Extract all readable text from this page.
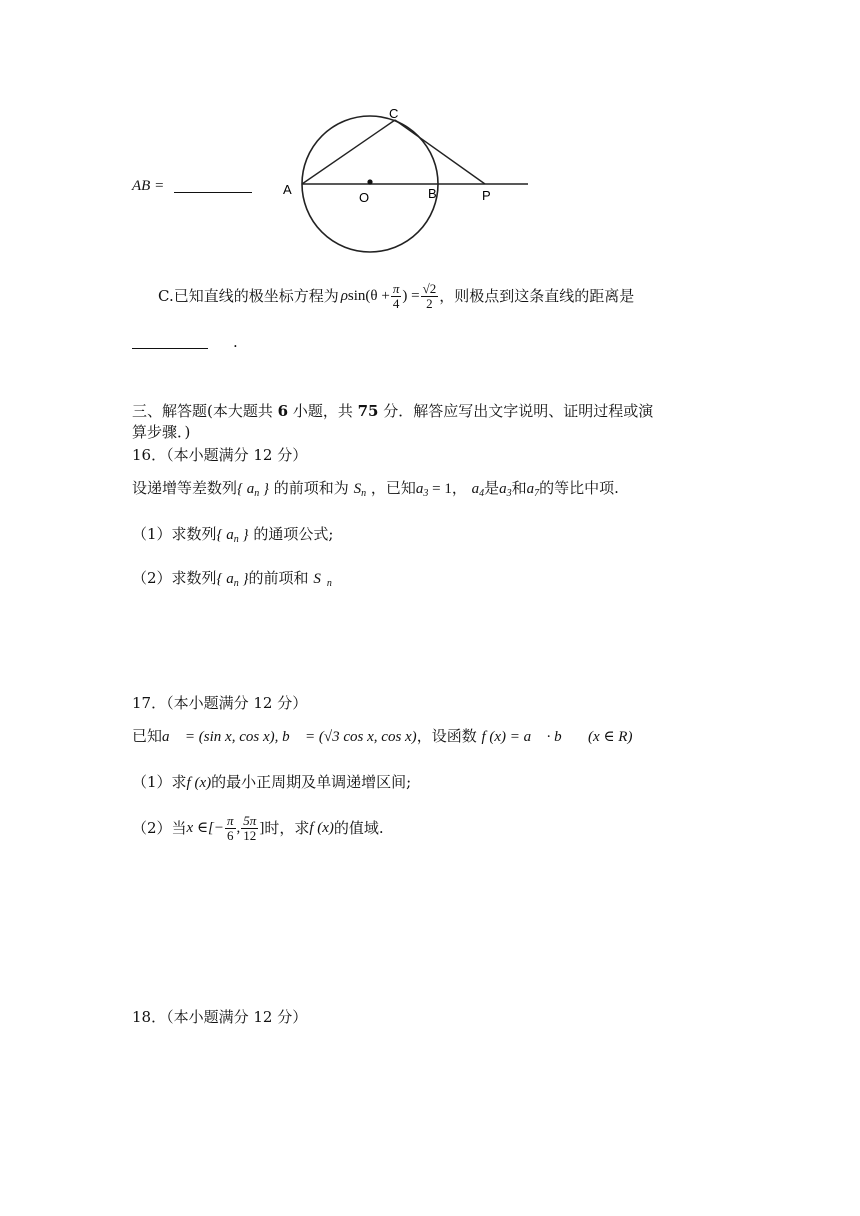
AB =	A
O	B	P
C
C.已知直线的极坐标方程为 ρ $\sin(\theta + \frac{\pi}{4}$ ) = $\frac{√2}{2}$ ，则极点到这条直线的距离是
.
三、解答题(本大题共 6 小题，共 75 分．解答应写出文字说明、证明过程或演
算步骤．)
16．（本小题满分 12 分）
设递增等差数列{ $a_n$ } 的前项和为 $S_n$ ，已知$a_3 = 1$， $a_4$是$a_3$和$a_7$的等比中项.
（1）求数列{ $a_n$ } 的通项公式;
（2）求数列{ $a_n$ }的前项和 S $_n$
17．（本小题满分 12 分）
已知a⃗ = (sin x, cos x), b⃗ = (√3 cos x, cos x)，设函数 f (x) = a⃗ · b⃗ (x ∈ R)
（1）求f (x)的最小正周期及单调递增区间;
（2）当 x ∈[− $\frac{\pi}{6}$ , $\frac{5\pi}{12}$ ] 时，求 f (x) 的值域.
18．（本小题满分 12 分）
